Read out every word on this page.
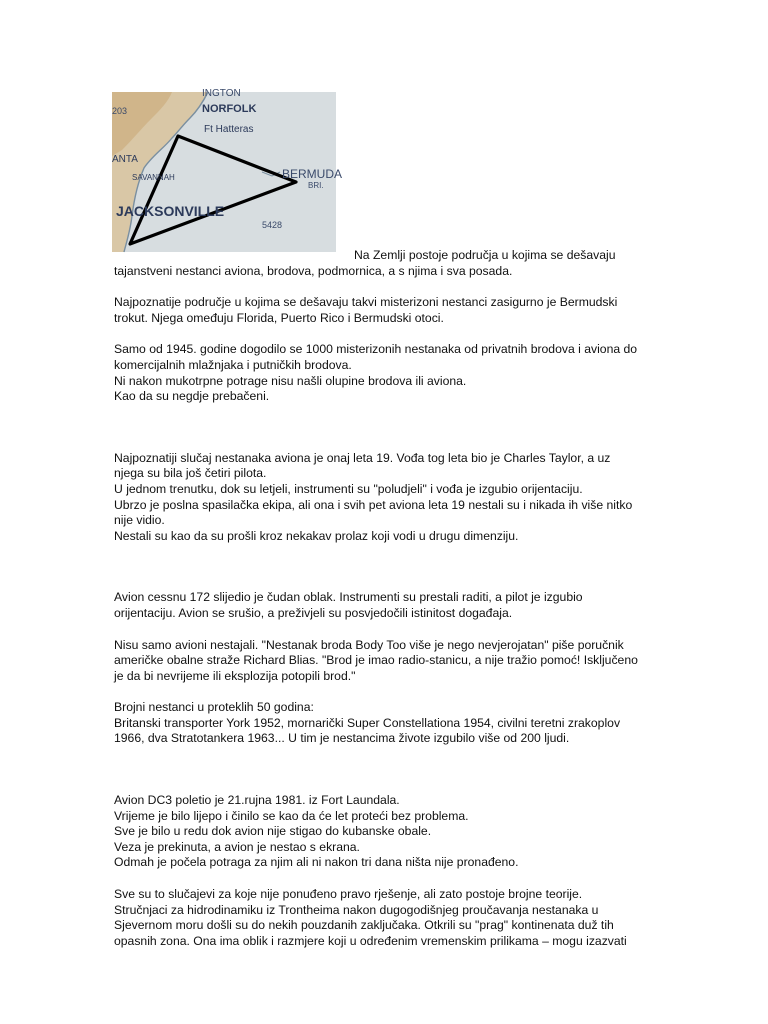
INGTON
203	NORFOLK
Ft Hatteras
ANTA
SAVANNAH	BERMUDA
BRI.
JACKSONVILLE
5428
Na Zemlji postoje područja u kojima se dešavaju
tajanstveni nestanci aviona, brodova, podmornica, a s njima i sva posada.
Najpoznatije područje u kojima se dešavaju takvi misterizoni nestanci zasigurno je Bermudski
trokut. Njega omeđuju Florida, Puerto Rico i Bermudski otoci.
Samo od 1945. godine dogodilo se 1000 misterizonih nestanaka od privatnih brodova i aviona do
komercijalnih mlažnjaka i putničkih brodova.
Ni nakon mukotrpne potrage nisu našli olupine brodova ili aviona.
Kao da su negdje prebačeni.
Najpoznatiji slučaj nestanaka aviona je onaj leta 19. Vođa tog leta bio je Charles Taylor, a uz
njega su bila još četiri pilota.
U jednom trenutku, dok su letjeli, instrumenti su "poludjeli" i vođa je izgubio orijentaciju.
Ubrzo je poslna spasilačka ekipa, ali ona i svih pet aviona leta 19 nestali su i nikada ih više nitko
nije vidio.
Nestali su kao da su prošli kroz nekakav prolaz koji vodi u drugu dimenziju.
Avion cessnu 172 slijedio je čudan oblak. Instrumenti su prestali raditi, a pilot je izgubio
orijentaciju. Avion se srušio, a preživjeli su posvjedočili istinitost događaja.
Nisu samo avioni nestajali. "Nestanak broda Body Too više je nego nevjerojatan" piše poručnik
američke obalne straže Richard Blias. "Brod je imao radio-stanicu, a nije tražio pomoć! Isključeno
je da bi nevrijeme ili eksplozija potopili brod."
Brojni nestanci u proteklih 50 godina:
Britanski transporter York 1952, mornarički Super Constellationa 1954, civilni teretni zrakoplov
1966, dva Stratotankera 1963... U tim je nestancima živote izgubilo više od 200 ljudi.
Avion DC3 poletio je 21.rujna 1981. iz Fort Laundala.
Vrijeme je bilo lijepo i činilo se kao da će let proteći bez problema.
Sve je bilo u redu dok avion nije stigao do kubanske obale.
Veza je prekinuta, a avion je nestao s ekrana.
Odmah je počela potraga za njim ali ni nakon tri dana ništa nije pronađeno.
Sve su to slučajevi za koje nije ponuđeno pravo rješenje, ali zato postoje brojne teorije.
Stručnjaci za hidrodinamiku iz Trontheima nakon dugogodišnjeg proučavanja nestanaka u
Sjevernom moru došli su do nekih pouzdanih zaključaka. Otkrili su "prag" kontinenata duž tih
opasnih zona. Ona ima oblik i razmjere koji u određenim vremenskim prilikama – mogu izazvati
